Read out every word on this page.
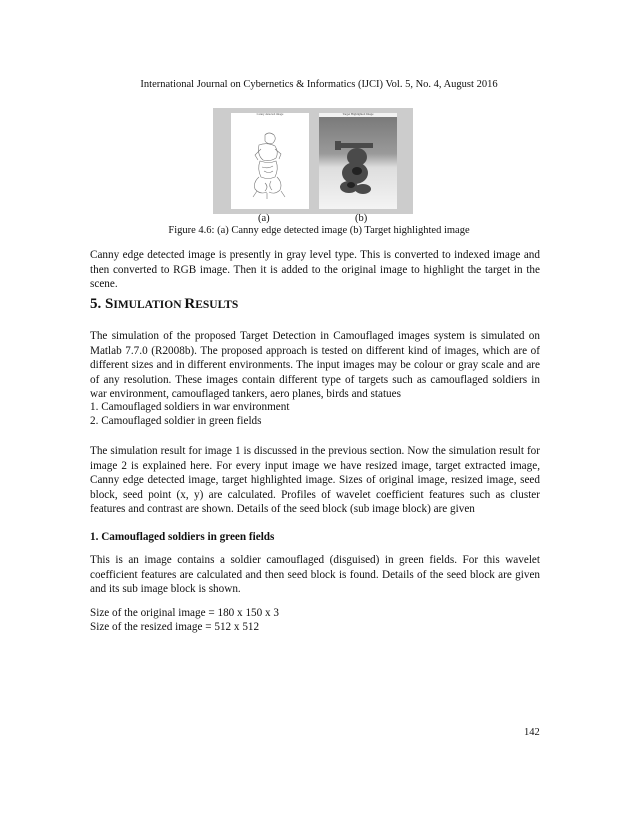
International Journal on Cybernetics & Informatics (IJCI) Vol. 5, No. 4, August 2016
Canny detected image	Target Highlighted Image
(a)	(b)
Figure 4.6: (a) Canny edge detected image (b) Target highlighted image

Canny edge detected image is presently in gray level type. This is converted to indexed image and then converted to RGB image. Then it is added to the original image to highlight the target in the scene.

5. SIMULATION RESULTS

The simulation of the proposed Target Detection in Camouflaged images system is simulated on Matlab 7.7.0 (R2008b). The proposed approach is tested on different kind of images, which are of different sizes and in different environments. The input images may be colour or gray scale and are of any resolution. These images contain different type of targets such as camouflaged soldiers in war environment, camouflaged tankers, aero planes, birds and statues

1. Camouflaged soldiers in war environment
2. Camouflaged soldier in green fields

The simulation result for image 1 is discussed in the previous section. Now the simulation result for image 2 is explained here. For every input image we have resized image, target extracted image, Canny edge detected image, target highlighted image. Sizes of original image, resized image, seed block, seed point (x, y) are calculated. Profiles of wavelet coefficient features such as cluster features and contrast are shown. Details of the seed block (sub image block) are given

1. Camouflaged soldiers in green fields

This is an image contains a soldier camouflaged (disguised) in green fields. For this wavelet coefficient features are calculated and then seed block is found. Details of the seed block are given and its sub image block is shown.

Size of the original image = 180 x 150 x 3
Size of the resized image = 512 x 512
142
